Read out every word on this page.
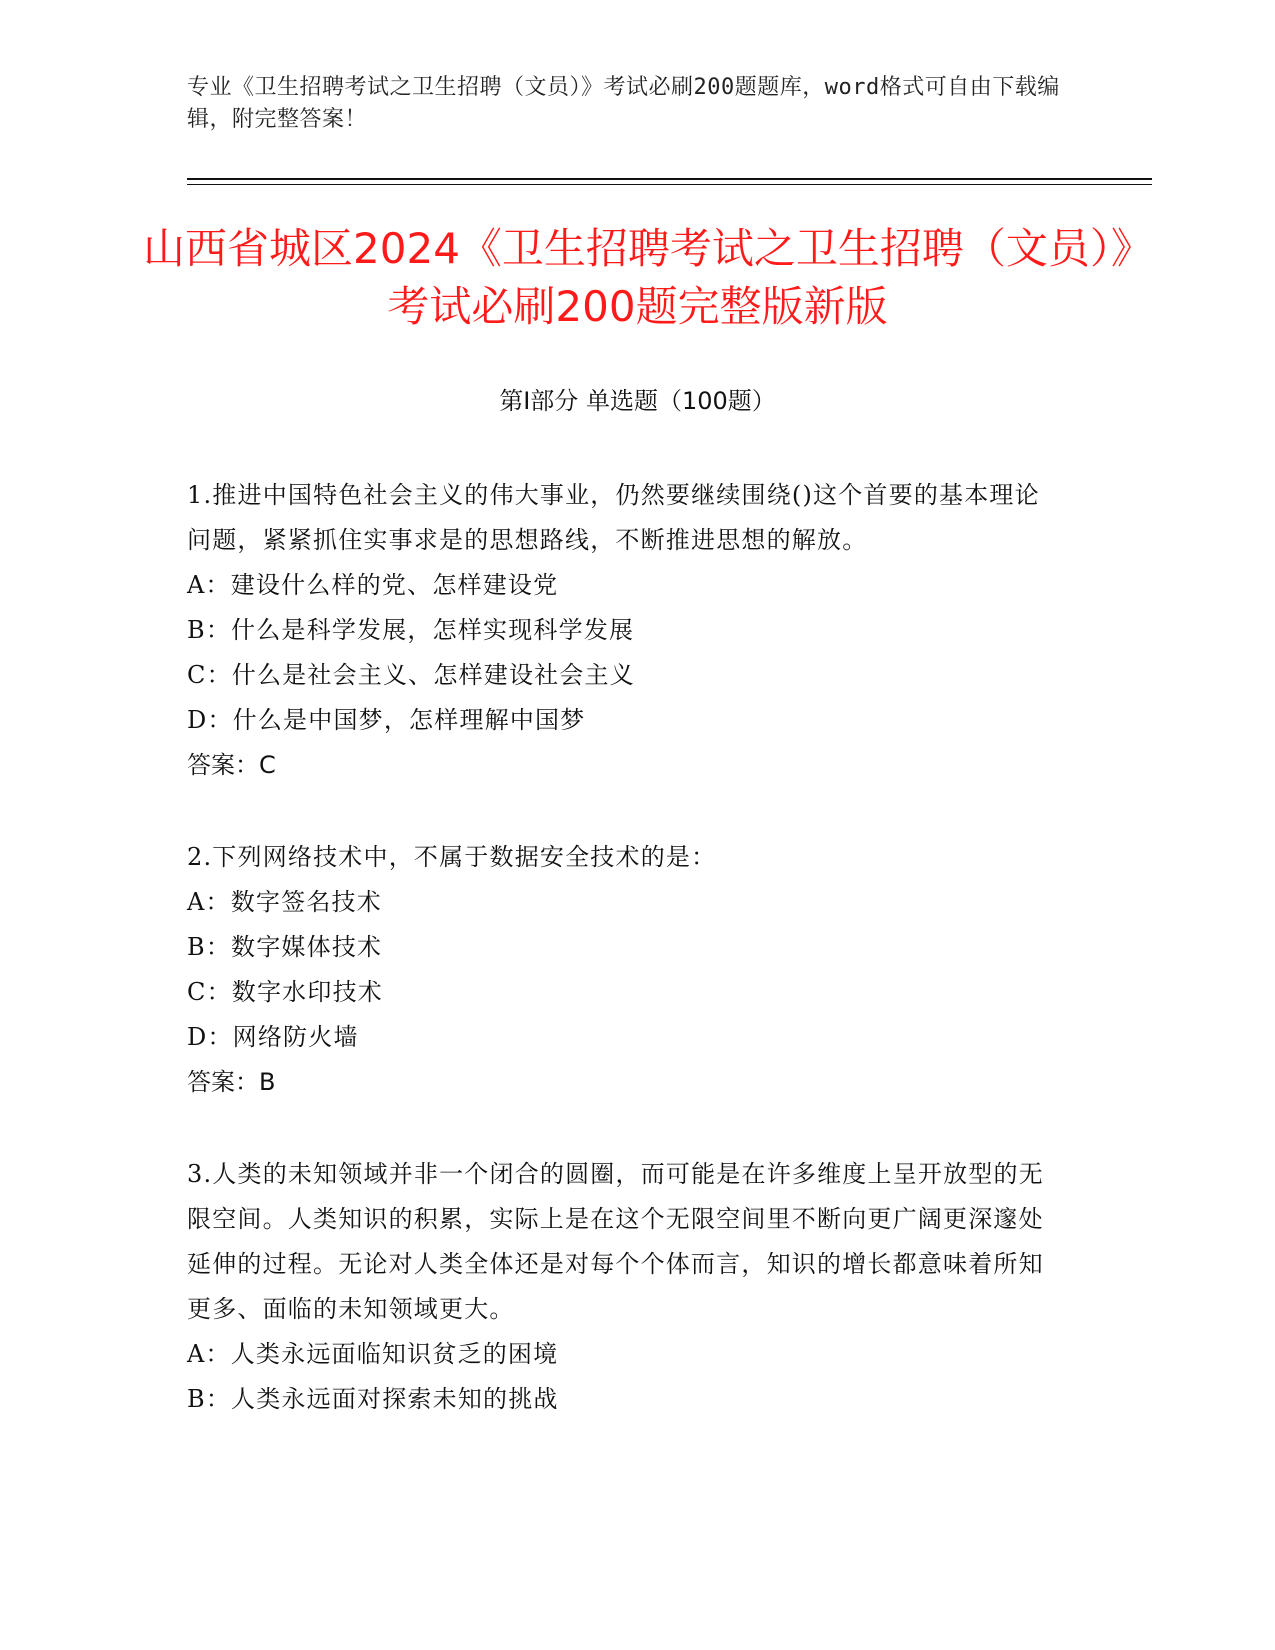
专业《卫生招聘考试之卫生招聘（文员）》考试必刷200题题库，word格式可自由下载编辑，附完整答案！
山西省城区2024《卫生招聘考试之卫生招聘（文员）》考试必刷200题完整版新版
第Ⅰ部分 单选题（100题）
1.推进中国特色社会主义的伟大事业，仍然要继续围绕()这个首要的基本理论问题，紧紧抓住实事求是的思想路线，不断推进思想的解放。
A：建设什么样的党、怎样建设党
B：什么是科学发展，怎样实现科学发展
C：什么是社会主义、怎样建设社会主义
D：什么是中国梦，怎样理解中国梦
答案：C
2.下列网络技术中，不属于数据安全技术的是：
A：数字签名技术
B：数字媒体技术
C：数字水印技术
D：网络防火墙
答案：B
3.人类的未知领域并非一个闭合的圆圈，而可能是在许多维度上呈开放型的无限空间。人类知识的积累，实际上是在这个无限空间里不断向更广阔更深邃处延伸的过程。无论对人类全体还是对每个个体而言，知识的增长都意味着所知更多、面临的未知领域更大。
A：人类永远面临知识贫乏的困境
B：人类永远面对探索未知的挑战
